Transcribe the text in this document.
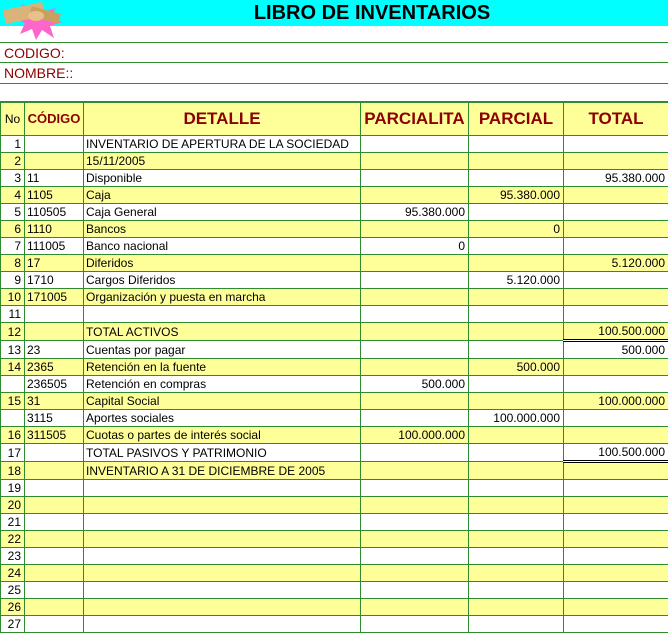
LIBRO DE INVENTARIOS
CODIGO:
NOMBRE::
No	CÓDIGO	DETALLE	PARCIALITA	PARCIAL	TOTAL
1		INVENTARIO DE APERTURA DE LA SOCIEDAD			
2		15/11/2005			
3	11	Disponible			95.380.000
4	1105	Caja		95.380.000	
5	110505	Caja General	95.380.000		
6	1110	Bancos		0	
7	111005	Banco nacional	0		
8	17	Diferidos			5.120.000
9	1710	Cargos Diferidos		5.120.000	
10	171005	Organización y puesta en marcha			
11					
12		TOTAL ACTIVOS			100.500.000
13	23	Cuentas por pagar			500.000
14	2365	Retención en la fuente		500.000	
	236505	Retención en compras	500.000		
15	31	Capital Social			100.000.000
	3115	Aportes sociales		100.000.000	
16	311505	Cuotas o partes de interés social	100.000.000		
17		TOTAL PASIVOS Y PATRIMONIO			100.500.000
18		INVENTARIO A 31 DE DICIEMBRE DE 2005			
19					
20					
21					
22					
23					
24					
25					
26					
27					
